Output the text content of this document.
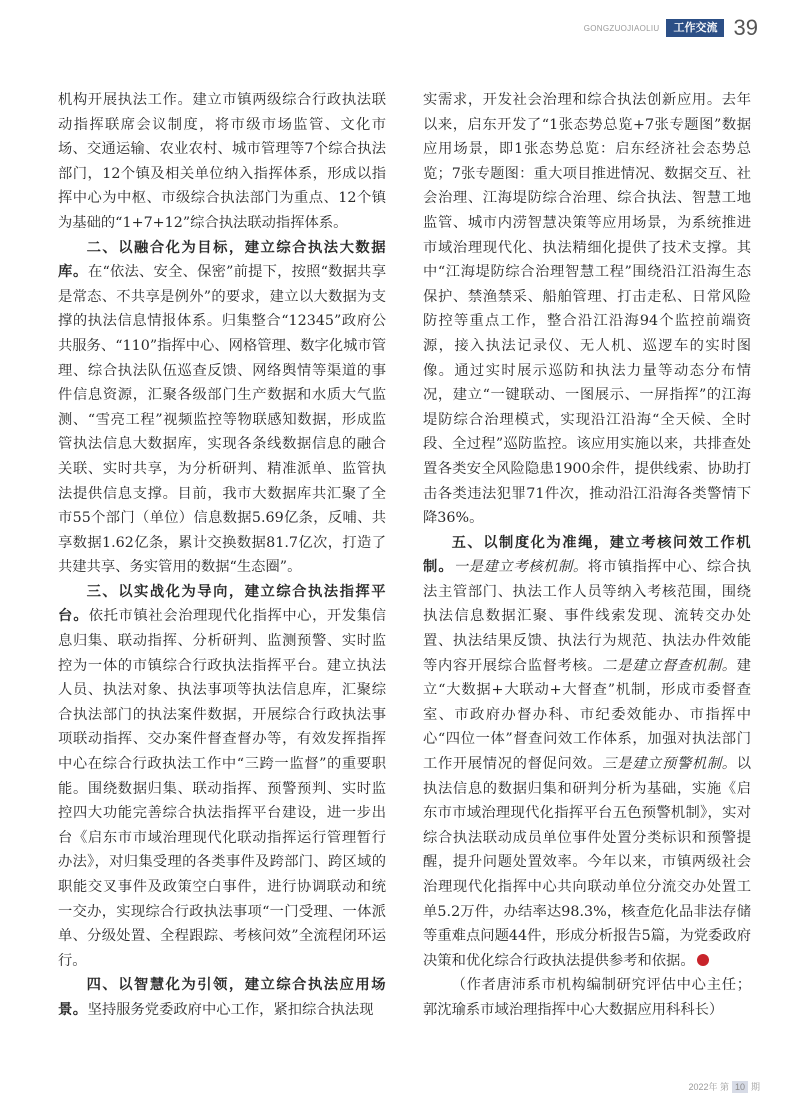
GONGZUOJIAOLIU	工作交流 39

机构开展执法工作。建立市镇两级综合行政执法联动指挥联席会议制度，将市级市场监管、文化市场、交通运输、农业农村、城市管理等7个综合执法部门，12个镇及相关单位纳入指挥体系，形成以指挥中心为中枢、市级综合执法部门为重点、12个镇为基础的“1+7+12”综合执法联动指挥体系。

二、以融合化为目标，建立综合执法大数据库。在“依法、安全、保密”前提下，按照“数据共享是常态、不共享是例外”的要求，建立以大数据为支撑的执法信息情报体系。归集整合“12345”政府公共服务、“110”指挥中心、网格管理、数字化城市管理、综合执法队伍巡查反馈、网络舆情等渠道的事件信息资源，汇聚各级部门生产数据和水质大气监测、“雪亮工程”视频监控等物联感知数据，形成监管执法信息大数据库，实现各条线数据信息的融合关联、实时共享，为分析研判、精准派单、监管执法提供信息支撑。目前，我市大数据库共汇聚了全市55个部门（单位）信息数据5.69亿条，反哺、共享数据1.62亿条，累计交换数据81.7亿次，打造了共建共享、务实管用的数据“生态圈”。

三、以实战化为导向，建立综合执法指挥平台。依托市镇社会治理现代化指挥中心，开发集信息归集、联动指挥、分析研判、监测预警、实时监控为一体的市镇综合行政执法指挥平台。建立执法人员、执法对象、执法事项等执法信息库，汇聚综合执法部门的执法案件数据，开展综合行政执法事项联动指挥、交办案件督查督办等，有效发挥指挥中心在综合行政执法工作中“三跨一监督”的重要职能。围绕数据归集、联动指挥、预警预判、实时监控四大功能完善综合执法指挥平台建设，进一步出台《启东市市域治理现代化联动指挥运行管理暂行办法》，对归集受理的各类事件及跨部门、跨区域的职能交叉事件及政策空白事件，进行协调联动和统一交办，实现综合行政执法事项“一门受理、一体派单、分级处置、全程跟踪、考核问效”全流程闭环运行。

四、以智慧化为引领，建立综合执法应用场景。坚持服务党委政府中心工作，紧扣综合执法现

实需求，开发社会治理和综合执法创新应用。去年以来，启东开发了“1张态势总览+7张专题图”数据应用场景，即1张态势总览：启东经济社会态势总览；7张专题图：重大项目推进情况、数据交互、社会治理、江海堤防综合治理、综合执法、智慧工地监管、城市内涝智慧决策等应用场景，为系统推进市域治理现代化、执法精细化提供了技术支撑。其中“江海堤防综合治理智慧工程”围绕沿江沿海生态保护、禁渔禁采、船舶管理、打击走私、日常风险防控等重点工作，整合沿江沿海94个监控前端资源，接入执法记录仪、无人机、巡逻车的实时图像。通过实时展示巡防和执法力量等动态分布情况，建立“一键联动、一图展示、一屏指挥”的江海堤防综合治理模式，实现沿江沿海“全天候、全时段、全过程”巡防监控。该应用实施以来，共排查处置各类安全风险隐患1900余件，提供线索、协助打击各类违法犯罪71件次，推动沿江沿海各类警情下降36%。

五、以制度化为准绳，建立考核问效工作机制。一是建立考核机制。将市镇指挥中心、综合执法主管部门、执法工作人员等纳入考核范围，围绕执法信息数据汇聚、事件线索发现、流转交办处置、执法结果反馈、执法行为规范、执法办件效能等内容开展综合监督考核。二是建立督查机制。建立“大数据+大联动+大督查”机制，形成市委督查室、市政府办督办科、市纪委效能办、市指挥中心“四位一体”督查问效工作体系，加强对执法部门工作开展情况的督促问效。三是建立预警机制。以执法信息的数据归集和研判分析为基础，实施《启东市市域治理现代化指挥平台五色预警机制》，实对综合执法联动成员单位事件处置分类标识和预警提醒，提升问题处置效率。今年以来，市镇两级社会治理现代化指挥中心共向联动单位分流交办处置工单5.2万件，办结率达98.3%，核查危化品非法存储等重难点问题44件，形成分析报告5篇，为党委政府决策和优化综合行政执法提供参考和依据。

（作者唐沛系市机构编制研究评估中心主任；郭沈瑜系市域治理指挥中心大数据应用科科长）

2022年 第 10 期
